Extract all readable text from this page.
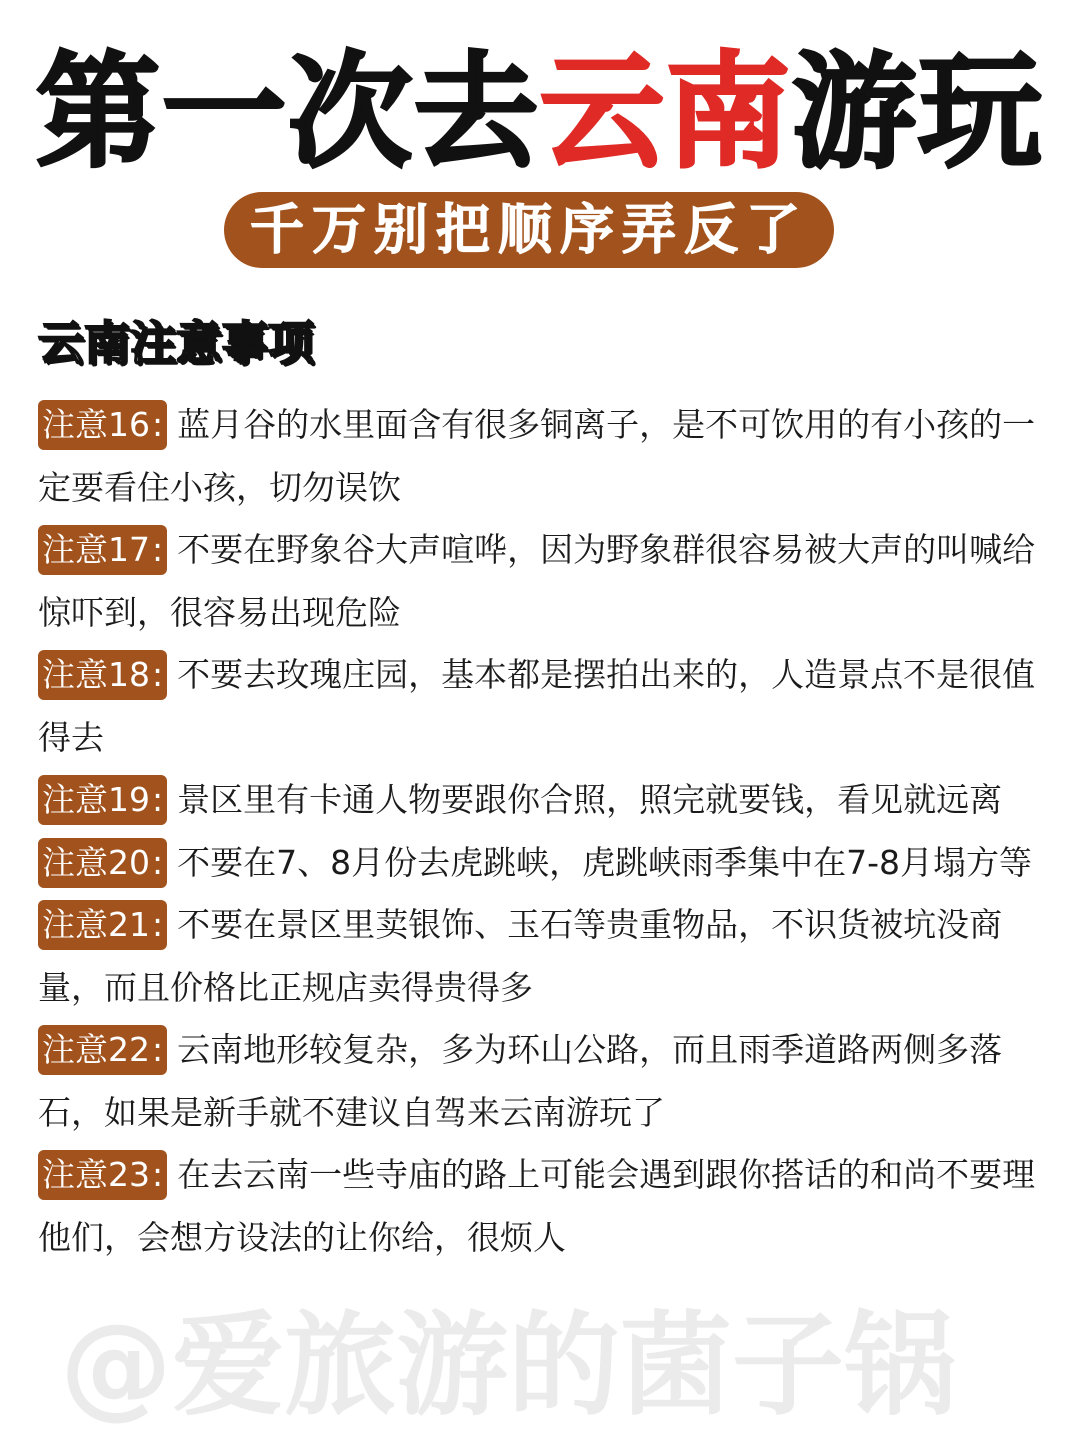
第一次去云南游玩
千万别把顺序弄反了
云南注意事项

注意16: 蓝月谷的水里面含有很多铜离子，是不可饮用的有小孩的一定要看住小孩，切勿误饮

注意17: 不要在野象谷大声喧哗，因为野象群很容易被大声的叫喊给惊吓到，很容易出现危险

注意18: 不要去玫瑰庄园，基本都是摆拍出来的，人造景点不是很值得去

注意19: 景区里有卡通人物要跟你合照，照完就要钱，看见就远离

注意20: 不要在7、8月份去虎跳峡，虎跳峡雨季集中在7-8月塌方等

注意21: 不要在景区里荬银饰、玉石等贵重物品，不识货被坑没商量，而且价格比正规店卖得贵得多

注意22: 云南地形较复杂，多为环山公路，而且雨季道路两侧多落石，如果是新手就不建议自驾来云南游玩了

注意23: 在去云南一些寺庙的路上可能会遇到跟你搭话的和尚不要理他们，会想方设法的让你给，很烦人

@爱旅游的菌子锅
